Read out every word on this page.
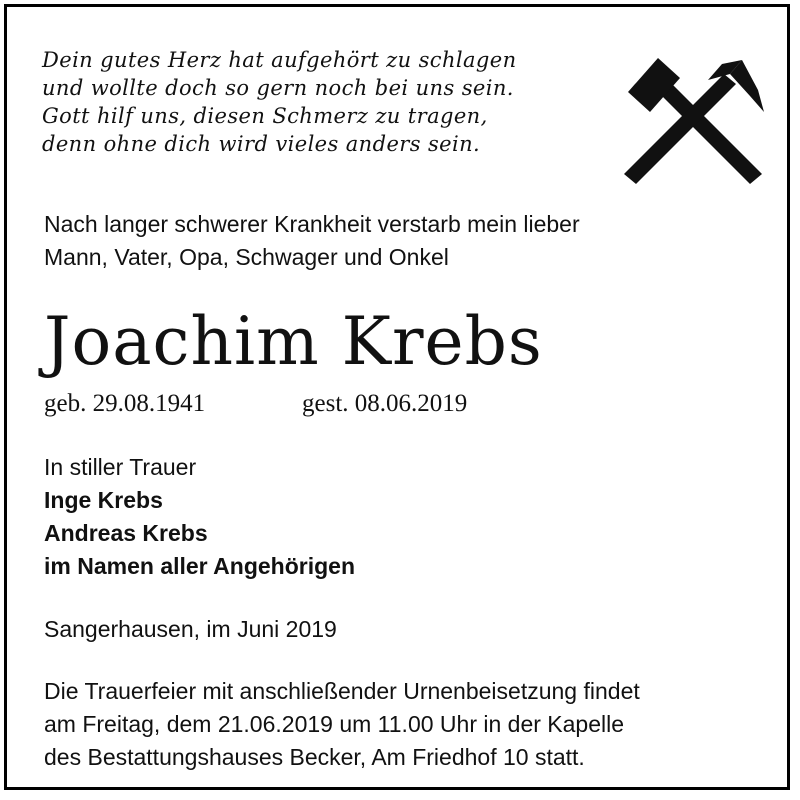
Dein gutes Herz hat aufgehört zu schlagen
und wollte doch so gern noch bei uns sein.
Gott hilf uns, diesen Schmerz zu tragen,
denn ohne dich wird vieles anders sein.
Nach langer schwerer Krankheit verstarb mein lieber
Mann, Vater, Opa, Schwager und Onkel
Joachim Krebs
geb. 29.08.1941	gest. 08.06.2019
In stiller Trauer
Inge Krebs
Andreas Krebs
im Namen aller Angehörigen
Sangerhausen, im Juni 2019
Die Trauerfeier mit anschließender Urnenbeisetzung findet
am Freitag, dem 21.06.2019 um 11.00 Uhr in der Kapelle
des Bestattungshauses Becker, Am Friedhof 10 statt.
